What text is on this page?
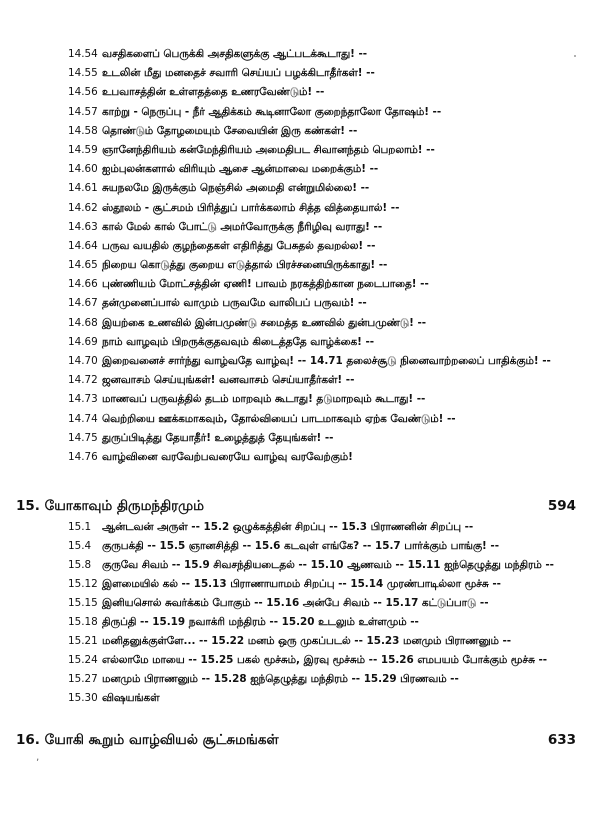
14.54 வசதிகளைப் பெருக்கி அசதிகளுக்கு ஆட்படக்கூடாது! --
14.55 உடலின் மீது மனதைச் சவாரி செய்யப் பழக்கிடாதீர்கள்! --
14.56 உபவாசத்தின் உள்ளதத்தை உணரவேண்டும்! --
14.57 காற்று - நெருப்பு - நீர் ஆதிக்கம் கூடினாலோ குறைந்தாலோ தோஷம்! --
14.58 தொண்டும் தோழமையும் சேவையின் இரு கண்கள்! --
14.59 ஞானேந்திரியம் கன்மேந்திரியம் அமைதிபட சிவானந்தம் பெறலாம்! --
14.60 ஐம்புலன்களால் விரியும் ஆசை ஆன்மாவை மறைக்கும்! --
14.61 சுயநலமே இருக்கும் நெஞ்சில் அமைதி என்றுமில்லை! --
14.62 ஸ்தூலம் - சூட்சமம் பிரித்துப் பார்க்கலாம் சித்த வித்தையால்! --
14.63 கால் மேல் கால் போட்டு அமர்வோருக்கு நீரிழிவு வராது! --
14.64 பருவ வயதில் குழந்தைகள் எதிரித்து பேசுதல் தவறல்ல! --
14.65 நிறைய கொடுத்து குறைய எடுத்தால் பிரச்சனையிருக்காது! --
14.66 புண்ணியம் மோட்சத்தின் ஏணி! பாவம் நரகத்திற்கான நடைபாதை! --
14.67 தன்முனைப்பால் வாமும் பருவமே வாலிபப் பருவம்! --
14.68 இயற்கை உணவில் இன்பமுண்டு சமைத்த உணவில் துன்பமுண்டு! --
14.69 நாம் வாழவும் பிறருக்குதவவும் கிடைத்ததே வாழ்க்கை! --
14.70 இறைவனைச் சார்ந்து வாழ்வதே வாழ்வு! -- 14.71 தலைச்சூடு நினைவாற்றலைப் பாதிக்கும்! --
14.72 ஜனவாசம் செய்யுங்கள்! வனவாசம் செய்யாதீர்கள்! --
14.73 மாணவப் பருவத்தில் தடம் மாறவும் கூடாது! தடுமாறவும் கூடாது! --
14.74 வெற்றியை ஊக்கமாகவும், தோல்வியைப் பாடமாகவும் ஏற்க வேண்டும்! --
14.75 துருப்பிடித்து தேயாதீர்! உழைத்துத் தேயுங்கள்! --
14.76 வாழ்வினை வரவேற்பவரையே வாழ்வு வரவேற்கும்!
15. யோகாவும் திருமந்திரமும்	594
15.1 ஆன்டவன் அருள் -- 15.2 ஒழுக்கத்தின் சிறப்பு -- 15.3 பிராணனின் சிறப்பு --
15.4 குருபக்தி -- 15.5 ஞானசித்தி -- 15.6 கடவுள் எங்கே? -- 15.7 பார்க்கும் பாங்கு! --
15.8 குருவே சிவம் -- 15.9 சிவசந்தியடைதல் -- 15.10 ஆணவம் -- 15.11 ஐந்தெழுத்து மந்திரம் --
15.12 இளமையில் கல் -- 15.13 பிராணாயாமம் சிறப்பு -- 15.14 முரண்பாடில்லா மூச்சு --
15.15 இனியசொல் சுவர்க்கம் போகும் -- 15.16 அன்பே சிவம் -- 15.17 கட்டுப்பாடு --
15.18 திருப்தி -- 15.19 நவாக்ரி மந்திரம் -- 15.20 உடலும் உள்ளமும் --
15.21 மனிதனுக்குள்ளே... -- 15.22 மனம் ஒரு முகப்படல் -- 15.23 மனமும் பிராணனும் --
15.24 எல்லாமே மாயை -- 15.25 பகல் மூச்சும், இரவு மூச்சும் -- 15.26 எமபயம் போக்கும் மூச்சு --
15.27 மனமும் பிராணனும் -- 15.28 ஐந்தெழுத்து மந்திரம் -- 15.29 பிரணவம் --
15.30 விஷயங்கள்
16. யோகி கூறும் வாழ்வியல் சூட்சுமங்கள்	633
‚
